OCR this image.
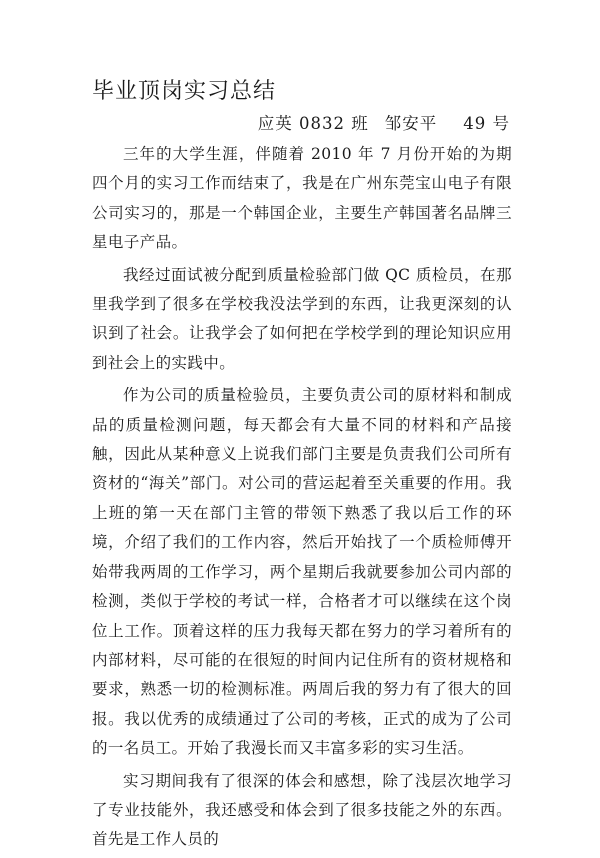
毕业顶岗实习总结
应英 0832 班 邹安平 49 号

三年的大学生涯，伴随着 2010 年 7 月份开始的为期四个月的实习工作而结束了，我是在广州东莞宝山电子有限公司实习的，那是一个韩国企业，主要生产韩国著名品牌三星电子产品。

我经过面试被分配到质量检验部门做 QC 质检员，在那里我学到了很多在学校我没法学到的东西，让我更深刻的认识到了社会。让我学会了如何把在学校学到的理论知识应用到社会上的实践中。

作为公司的质量检验员，主要负责公司的原材料和制成品的质量检测问题，每天都会有大量不同的材料和产品接触，因此从某种意义上说我们部门主要是负责我们公司所有资材的“海关”部门。对公司的营运起着至关重要的作用。我上班的第一天在部门主管的带领下熟悉了我以后工作的环境，介绍了我们的工作内容，然后开始找了一个质检师傅开始带我两周的工作学习，两个星期后我就要参加公司内部的检测，类似于学校的考试一样，合格者才可以继续在这个岗位上工作。顶着这样的压力我每天都在努力的学习着所有的内部材料，尽可能的在很短的时间内记住所有的资材规格和要求，熟悉一切的检测标准。两周后我的努力有了很大的回报。我以优秀的成绩通过了公司的考核，正式的成为了公司的一名员工。开始了我漫长而又丰富多彩的实习生活。

实习期间我有了很深的体会和感想，除了浅层次地学习了专业技能外，我还感受和体会到了很多技能之外的东西。首先是工作人员的
